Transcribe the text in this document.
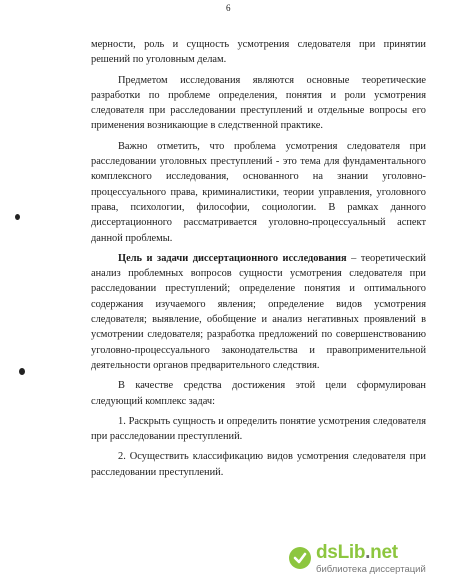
6

мерности, роль и сущность усмотрения следователя при принятии решений по уголовным делам.

Предметом исследования являются основные теоретические разработки по проблеме определения, понятия и роли усмотрения следователя при расследовании преступлений и отдельные вопросы его применения возникающие в следственной практике.

Важно отметить, что проблема усмотрения следователя при расследовании уголовных преступлений - это тема для фундаментального комплексного исследования, основанного на знании уголовно-процессуального права, криминалистики, теории управления, уголовного права, психологии, философии, социологии. В рамках данного диссертационного рассматривается уголовно-процессуальный аспект данной проблемы.

Цель и задачи диссертационного исследования – теоретический анализ проблемных вопросов сущности усмотрения следователя при расследовании преступлений; определение понятия и оптимального содержания изучаемого явления; определение видов усмотрения следователя; выявление, обобщение и анализ негативных проявлений в усмотрении следователя; разработка предложений по совершенствованию уголовно-процессуального законодательства и правоприменительной деятельности органов предварительного следствия.

В качестве средства достижения этой цели сформулирован следующий комплекс задач:

1. Раскрыть сущность и определить понятие усмотрения следователя при расследовании преступлений.

2. Осуществить классификацию видов усмотрения следователя при расследовании преступлений.

dsLib.net
библиотека диссертаций
